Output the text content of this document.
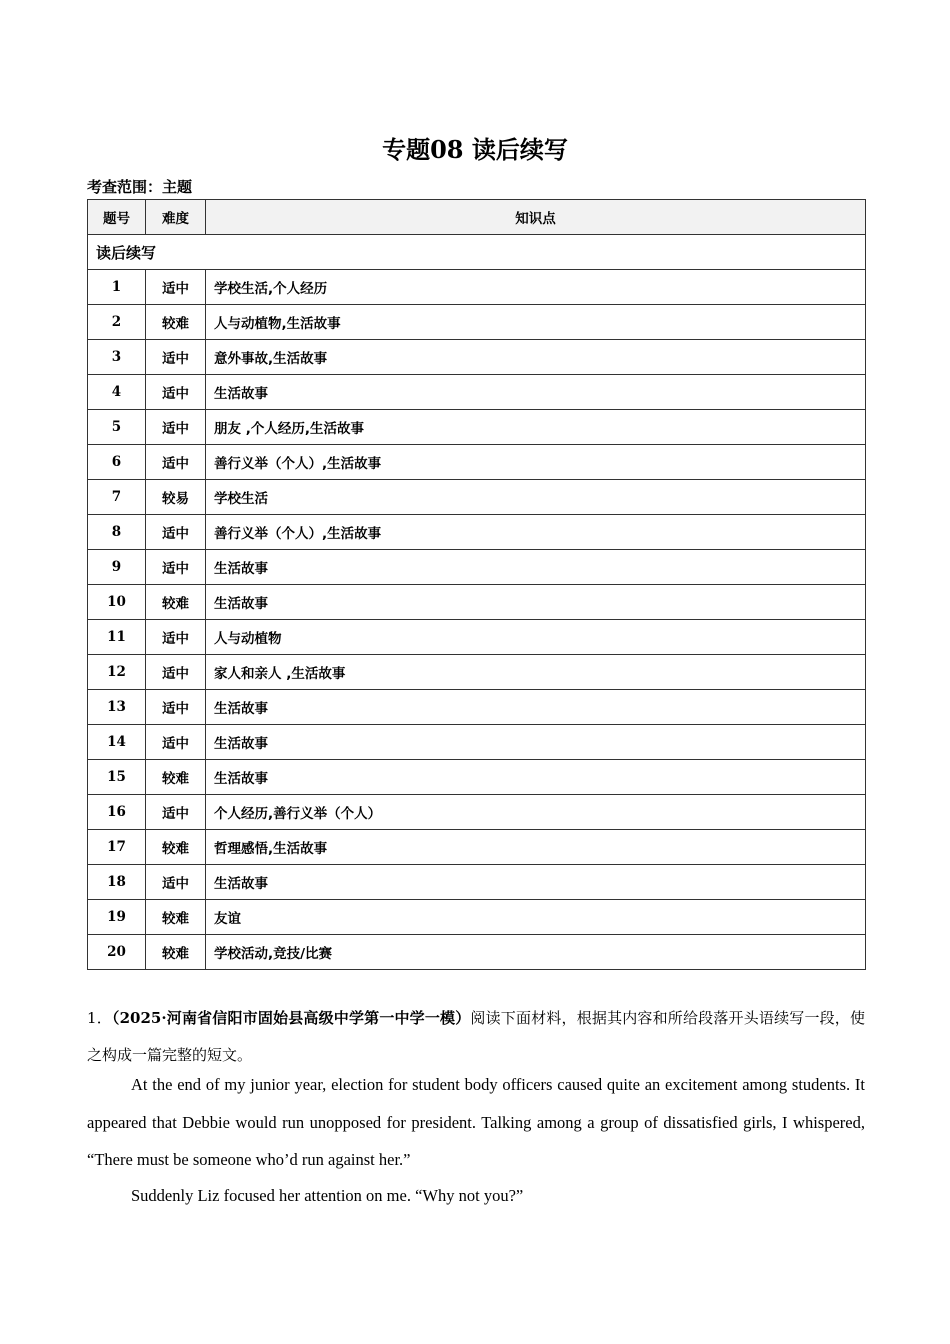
专题08 读后续写
考查范围：主题
题号	难度	知识点
读后续写		
1	适中	学校生活,个人经历
2	较难	人与动植物,生活故事
3	适中	意外事故,生活故事
4	适中	生活故事
5	适中	朋友 ,个人经历,生活故事
6	适中	善行义举（个人）,生活故事
7	较易	学校生活
8	适中	善行义举（个人）,生活故事
9	适中	生活故事
10	较难	生活故事
11	适中	人与动植物
12	适中	家人和亲人 ,生活故事
13	适中	生活故事
14	适中	生活故事
15	较难	生活故事
16	适中	个人经历,善行义举（个人）
17	较难	哲理感悟,生活故事
18	适中	生活故事
19	较难	友谊
20	较难	学校活动,竞技/比赛
1．（2025·河南省信阳市固始县高级中学第一中学一模）阅读下面材料，根据其内容和所给段落开头语续写一段，使之构成一篇完整的短文。

At the end of my junior year, election for student body officers caused quite an excitement among students. It appeared that Debbie would run unopposed for president. Talking among a group of dissatisfied girls, I whispered, “There must be someone who’d run against her.”

Suddenly Liz focused her attention on me. “Why not you?”
